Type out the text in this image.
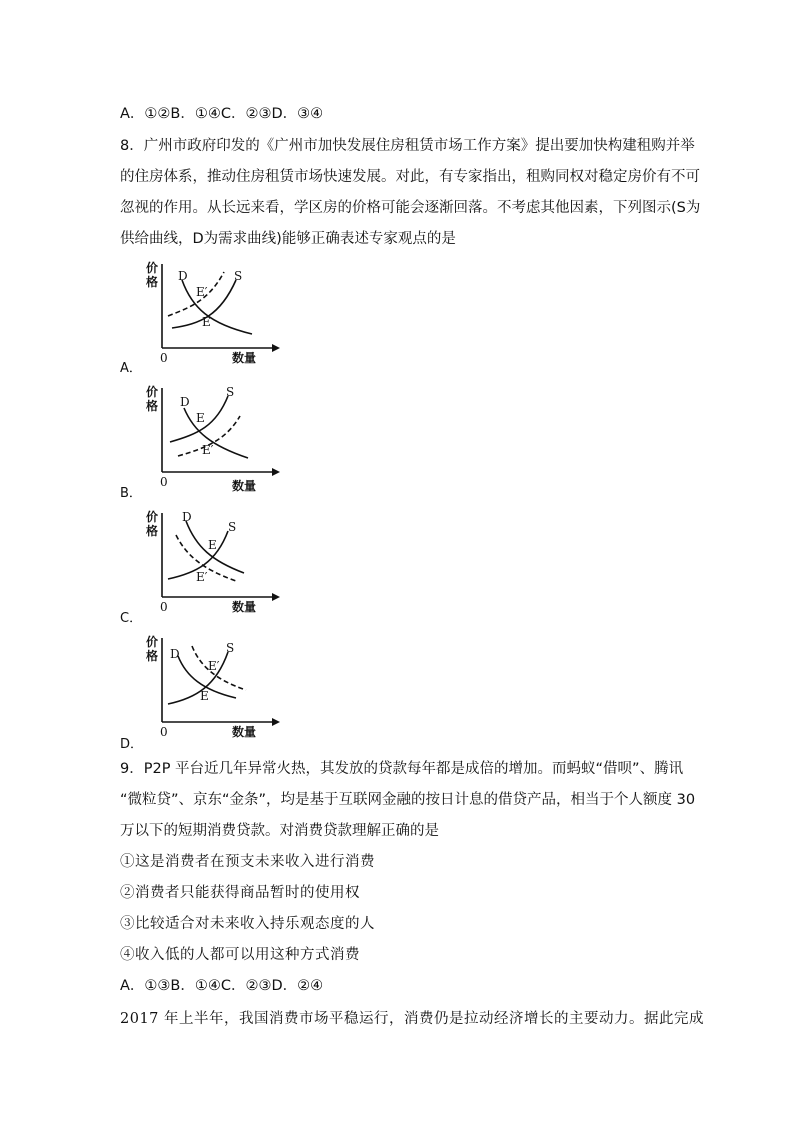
A．①②B．①④C．②③D．③④
8．广州市政府印发的《广州市加快发展住房租赁市场工作方案》提出要加快构建租购并举
的住房体系，推动住房租赁市场快速发展。对此，有专家指出，租购同权对稳定房价有不可
忽视的作用。从长远来看，学区房的价格可能会逐渐回落。不考虑其他因素，下列图示(S为
供给曲线，D为需求曲线)能够正确表述专家观点的是
价
格 D	S
E′
E
0	数量
A．
价
格 D
S
E
E′
0	数量
B．
价
格
D
S
E
E′
0	数量
C．
价
格 D	S
E′
E
0	数量
D．
9．P2P 平台近几年异常火热，其发放的贷款每年都是成倍的增加。而蚂蚁“借呗”、腾讯
“微粒贷”、京东“金条”，均是基于互联网金融的按日计息的借贷产品，相当于个人额度 30
万以下的短期消费贷款。对消费贷款理解正确的是
①这是消费者在预支未来收入进行消费
②消费者只能获得商品暂时的使用权
③比较适合对未来收入持乐观态度的人
④收入低的人都可以用这种方式消费
A．①③B．①④C．②③D．②④
2017 年上半年，我国消费市场平稳运行，消费仍是拉动经济增长的主要动力。据此完成
